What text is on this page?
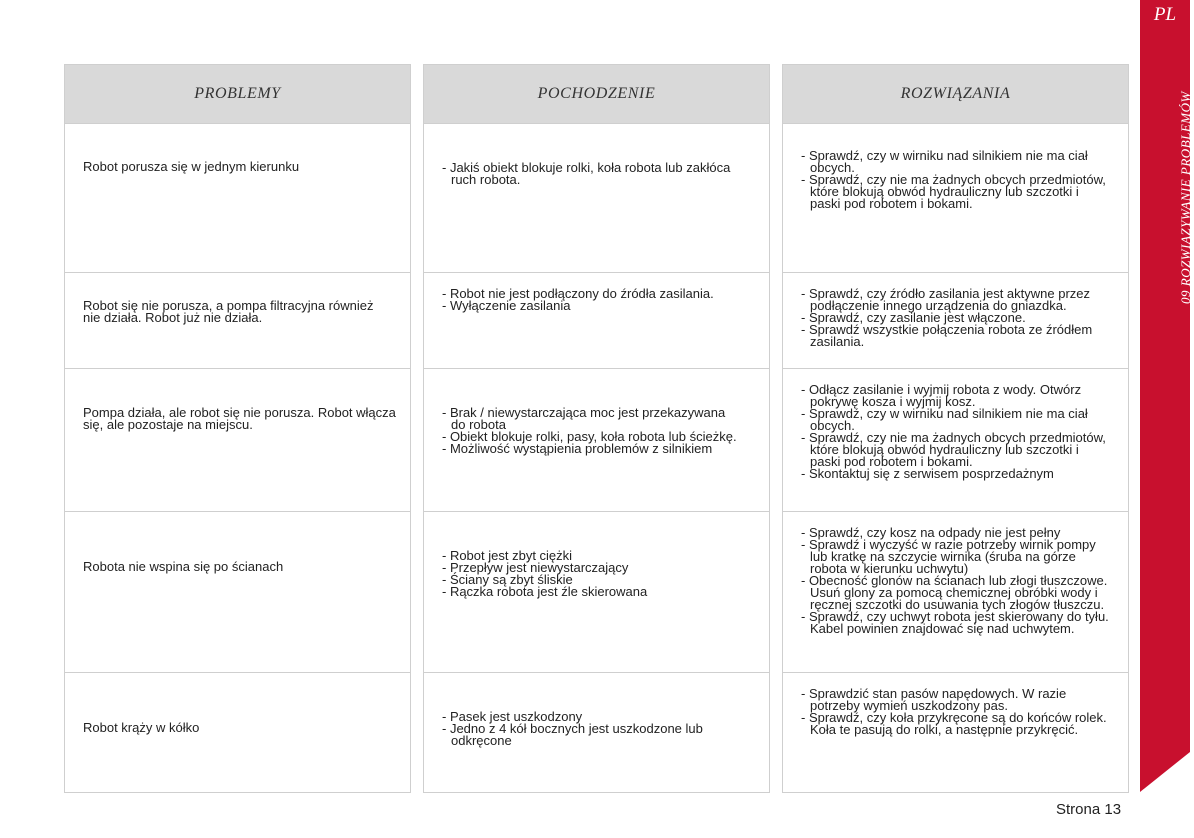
PROBLEMY
Robot porusza się w jednym kierunku
Robot się nie porusza, a pompa filtracyjna również
nie działa. Robot już nie działa.
Pompa działa, ale robot się nie porusza. Robot włącza
się, ale pozostaje na miejscu.
Robota nie wspina się po ścianach
Robot krąży w kółko
POCHODZENIE
- Jakiś obiekt blokuje rolki, koła robota lub zakłóca
ruch robota.
- Robot nie jest podłączony do źródła zasilania.
- Wyłączenie zasilania
- Brak / niewystarczająca moc jest przekazywana
do robota
- Obiekt blokuje rolki, pasy, koła robota lub ścieżkę.
- Możliwość wystąpienia problemów z silnikiem
- Robot jest zbyt ciężki
- Przepływ jest niewystarczający
- Ściany są zbyt śliskie
- Rączka robota jest źle skierowana
- Pasek jest uszkodzony
- Jedno z 4 kół bocznych jest uszkodzone lub
odkręcone
ROZWIĄZANIA
- Sprawdź, czy w wirniku nad silnikiem nie ma ciał
obcych.
- Sprawdź, czy nie ma żadnych obcych przedmiotów,
które blokują obwód hydrauliczny lub szczotki i
paski pod robotem i bokami.
- Sprawdź, czy źródło zasilania jest aktywne przez
podłączenie innego urządzenia do gniazdka.
- Sprawdź, czy zasilanie jest włączone.
- Sprawdź wszystkie połączenia robota ze źródłem
zasilania.
- Odłącz zasilanie i wyjmij robota z wody. Otwórz
pokrywę kosza i wyjmij kosz.
- Sprawdź, czy w wirniku nad silnikiem nie ma ciał
obcych.
- Sprawdź, czy nie ma żadnych obcych przedmiotów,
które blokują obwód hydrauliczny lub szczotki i
paski pod robotem i bokami.
- Skontaktuj się z serwisem posprzedażnym
- Sprawdź, czy kosz na odpady nie jest pełny
- Sprawdź i wyczyść w razie potrzeby wirnik pompy
lub kratkę na szczycie wirnika (śruba na górze
robota w kierunku uchwytu)
- Obecność glonów na ścianach lub złogi tłuszczowe.
Usuń glony za pomocą chemicznej obróbki wody i
ręcznej szczotki do usuwania tych złogów tłuszczu.
- Sprawdź, czy uchwyt robota jest skierowany do tyłu.
Kabel powinien znajdować się nad uchwytem.
- Sprawdzić stan pasów napędowych. W razie
potrzeby wymień uszkodzony pas.
- Sprawdź, czy koła przykręcone są do końców rolek.
Koła te pasują do rolki, a następnie przykręcić.
PL
09 ROZWIĄZYWANIE PROBLEMÓW
Strona 13
